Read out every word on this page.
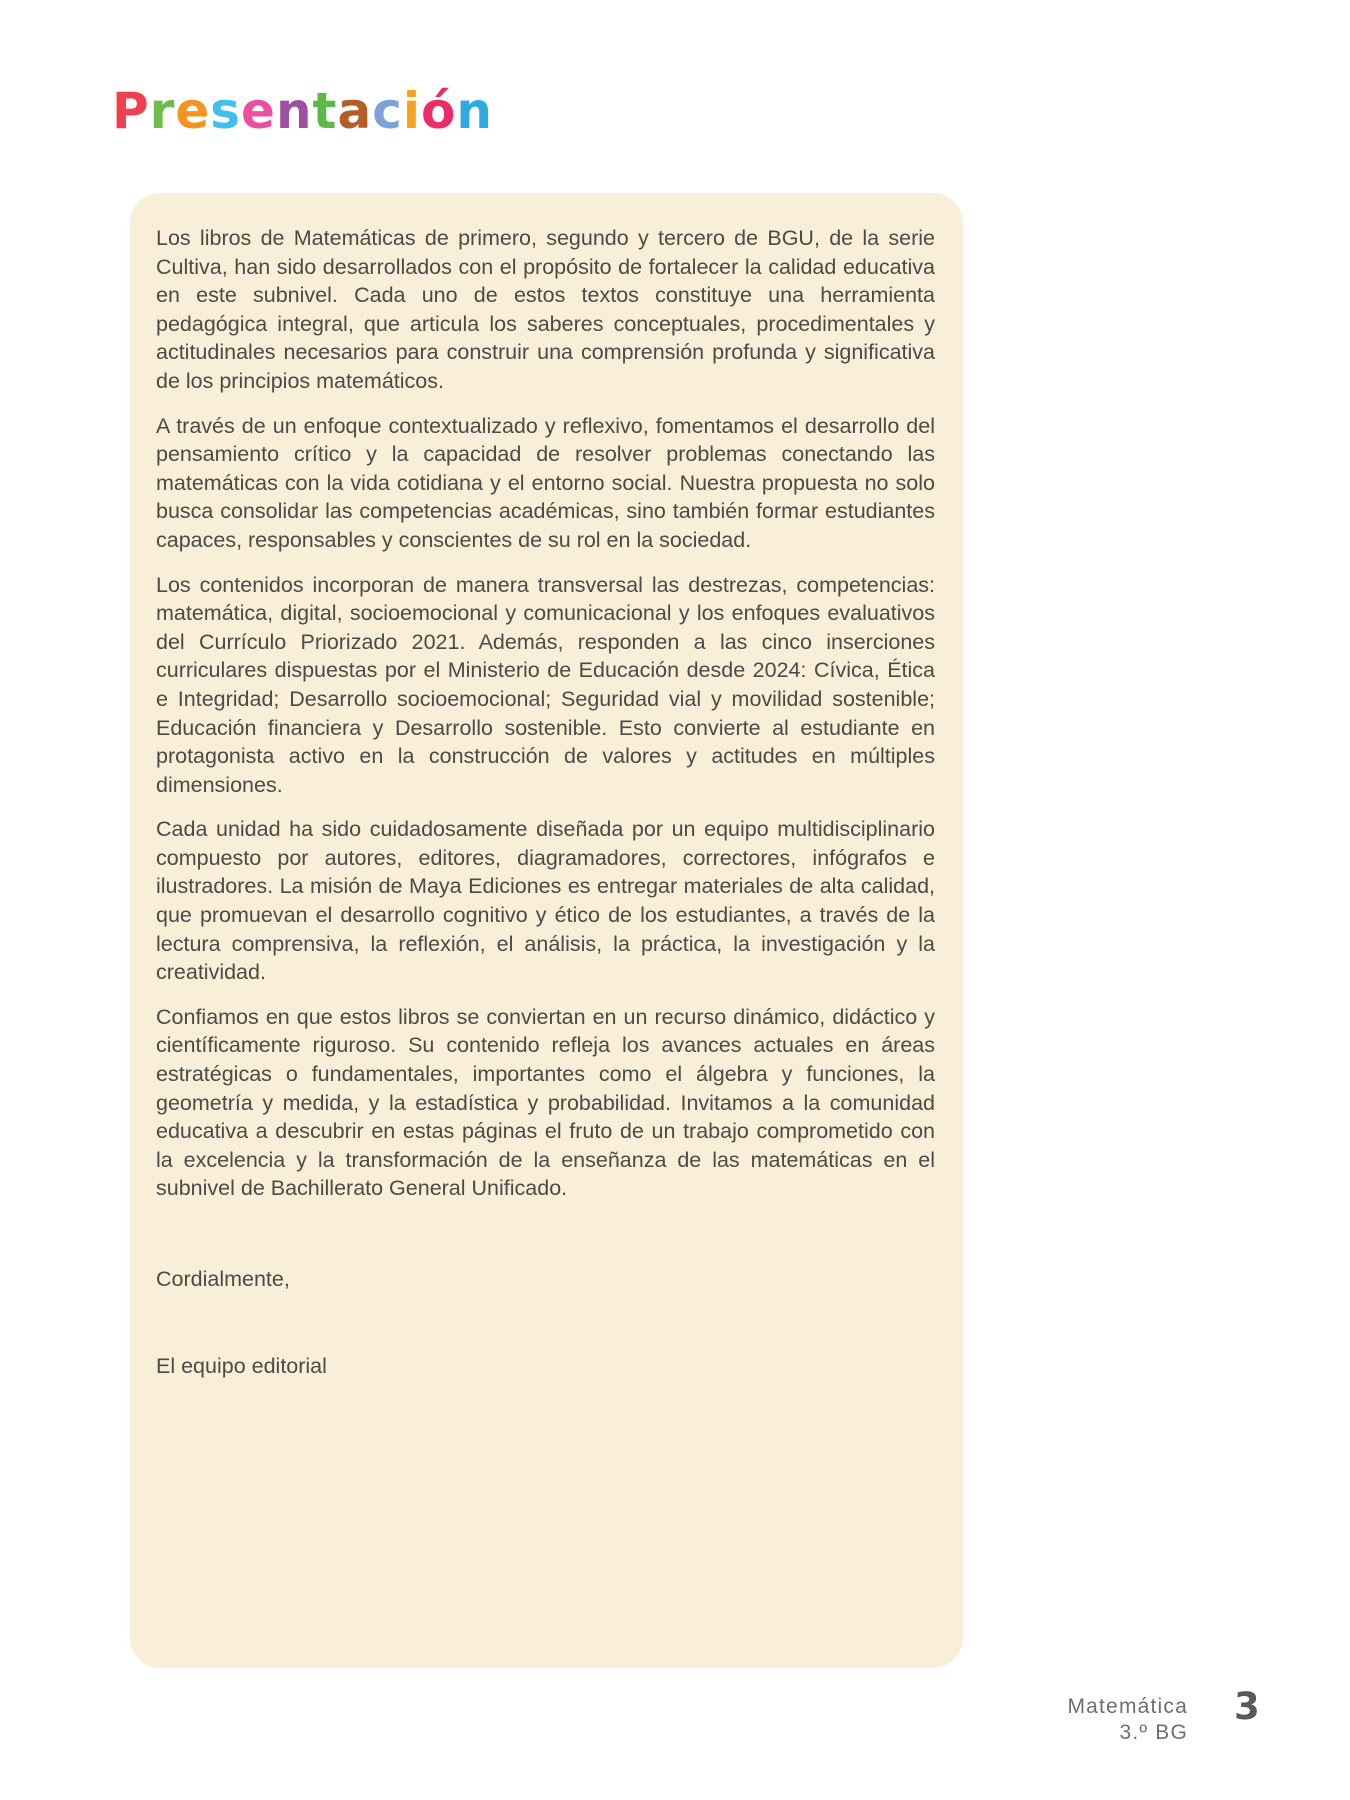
Presentación

Los libros de Matemáticas de primero, segundo y tercero de BGU, de la serie Cultiva, han sido desarrollados con el propósito de fortalecer la calidad educativa en este subnivel. Cada uno de estos textos constituye una herramienta pedagógica integral, que articula los saberes conceptuales, procedimentales y actitudinales necesarios para construir una comprensión profunda y significativa de los principios matemáticos.

A través de un enfoque contextualizado y reflexivo, fomentamos el desarrollo del pensamiento crítico y la capacidad de resolver problemas conectando las matemáticas con la vida cotidiana y el entorno social. Nuestra propuesta no solo busca consolidar las competencias académicas, sino también formar estudiantes capaces, responsables y conscientes de su rol en la sociedad.

Los contenidos incorporan de manera transversal las destrezas, competencias: matemática, digital, socioemocional y comunicacional y los enfoques evaluativos del Currículo Priorizado 2021. Además, responden a las cinco inserciones curriculares dispuestas por el Ministerio de Educación desde 2024: Cívica, Ética e Integridad; Desarrollo socioemocional; Seguridad vial y movilidad sostenible; Educación financiera y Desarrollo sostenible. Esto convierte al estudiante en protagonista activo en la construcción de valores y actitudes en múltiples dimensiones.

Cada unidad ha sido cuidadosamente diseñada por un equipo multidisciplinario compuesto por autores, editores, diagramadores, correctores, infógrafos e ilustradores. La misión de Maya Ediciones es entregar materiales de alta calidad, que promuevan el desarrollo cognitivo y ético de los estudiantes, a través de la lectura comprensiva, la reflexión, el análisis, la práctica, la investigación y la creatividad.

Confiamos en que estos libros se conviertan en un recurso dinámico, didáctico y científicamente riguroso. Su contenido refleja los avances actuales en áreas estratégicas o fundamentales, importantes como el álgebra y funciones, la geometría y medida, y la estadística y probabilidad. Invitamos a la comunidad educativa a descubrir en estas páginas el fruto de un trabajo comprometido con la excelencia y la transformación de la enseñanza de las matemáticas en el subnivel de Bachillerato General Unificado.

Cordialmente,

El equipo editorial

Matemática
3.º BG
3
